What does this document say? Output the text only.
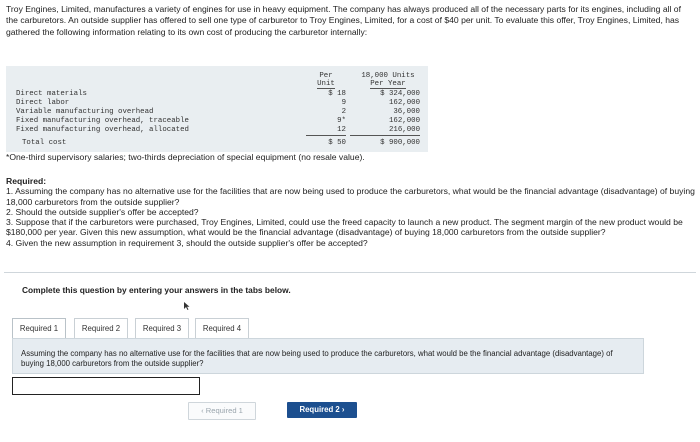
Troy Engines, Limited, manufactures a variety of engines for use in heavy equipment. The company has always produced all of the necessary parts for its engines, including all of the carburetors. An outside supplier has offered to sell one type of carburetor to Troy Engines, Limited, for a cost of $40 per unit. To evaluate this offer, Troy Engines, Limited, has gathered the following information relating to its own cost of producing the carburetor internally:
Per
Unit
18,000 Units
Per Year
Direct materials	$ 18	$ 324,000
Direct labor	9	162,000
Variable manufacturing overhead	2	36,000
Fixed manufacturing overhead, traceable	9*	162,000
Fixed manufacturing overhead, allocated	12	216,000
Total cost	$ 50	$ 900,000
*One-third supervisory salaries; two-thirds depreciation of special equipment (no resale value).

Required:

1. Assuming the company has no alternative use for the facilities that are now being used to produce the carburetors, what would be the financial advantage (disadvantage) of buying 18,000 carburetors from the outside supplier?

2. Should the outside supplier's offer be accepted?

3. Suppose that if the carburetors were purchased, Troy Engines, Limited, could use the freed capacity to launch a new product. The segment margin of the new product would be $180,000 per year. Given this new assumption, what would be the financial advantage (disadvantage) of buying 18,000 carburetors from the outside supplier?

4. Given the new assumption in requirement 3, should the outside supplier's offer be accepted?

Complete this question by entering your answers in the tabs below.
Required 1	Required 2	Required 3	Required 4
Assuming the company has no alternative use for the facilities that are now being used to produce the carburetors, what would be the financial advantage (disadvantage) of buying 18,000 carburetors from the outside supplier?
‹ Required 1	Required 2 ›
